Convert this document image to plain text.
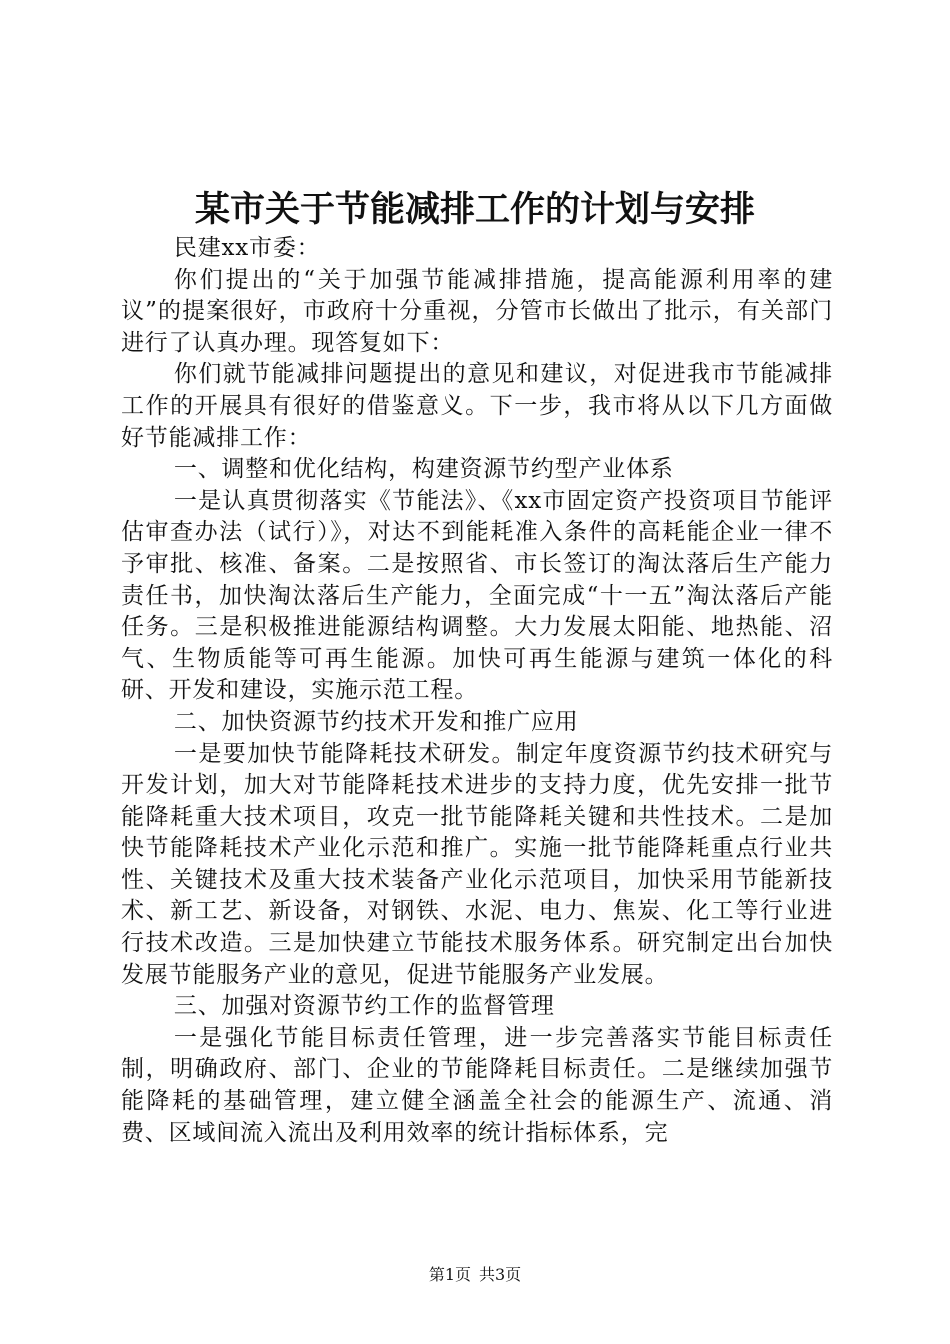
某市关于节能减排工作的计划与安排

民建xx市委：

你们提出的“关于加强节能减排措施，提高能源利用率的建议”的提案很好，市政府十分重视，分管市长做出了批示，有关部门进行了认真办理。现答复如下：

你们就节能减排问题提出的意见和建议，对促进我市节能减排工作的开展具有很好的借鉴意义。下一步，我市将从以下几方面做好节能减排工作：

一、调整和优化结构，构建资源节约型产业体系

一是认真贯彻落实《节能法》、《xx市固定资产投资项目节能评估审查办法（试行）》，对达不到能耗准入条件的高耗能企业一律不予审批、核准、备案。二是按照省、市长签订的淘汰落后生产能力责任书，加快淘汰落后生产能力，全面完成“十一五”淘汰落后产能任务。三是积极推进能源结构调整。大力发展太阳能、地热能、沼气、生物质能等可再生能源。加快可再生能源与建筑一体化的科研、开发和建设，实施示范工程。

二、加快资源节约技术开发和推广应用

一是要加快节能降耗技术研发。制定年度资源节约技术研究与开发计划，加大对节能降耗技术进步的支持力度，优先安排一批节能降耗重大技术项目，攻克一批节能降耗关键和共性技术。二是加快节能降耗技术产业化示范和推广。实施一批节能降耗重点行业共性、关键技术及重大技术装备产业化示范项目，加快采用节能新技术、新工艺、新设备，对钢铁、水泥、电力、焦炭、化工等行业进行技术改造。三是加快建立节能技术服务体系。研究制定出台加快发展节能服务产业的意见，促进节能服务产业发展。

三、加强对资源节约工作的监督管理

一是强化节能目标责任管理，进一步完善落实节能目标责任制，明确政府、部门、企业的节能降耗目标责任。二是继续加强节能降耗的基础管理，建立健全涵盖全社会的能源生产、流通、消费、区域间流入流出及利用效率的统计指标体系，完

第1页 共3页
